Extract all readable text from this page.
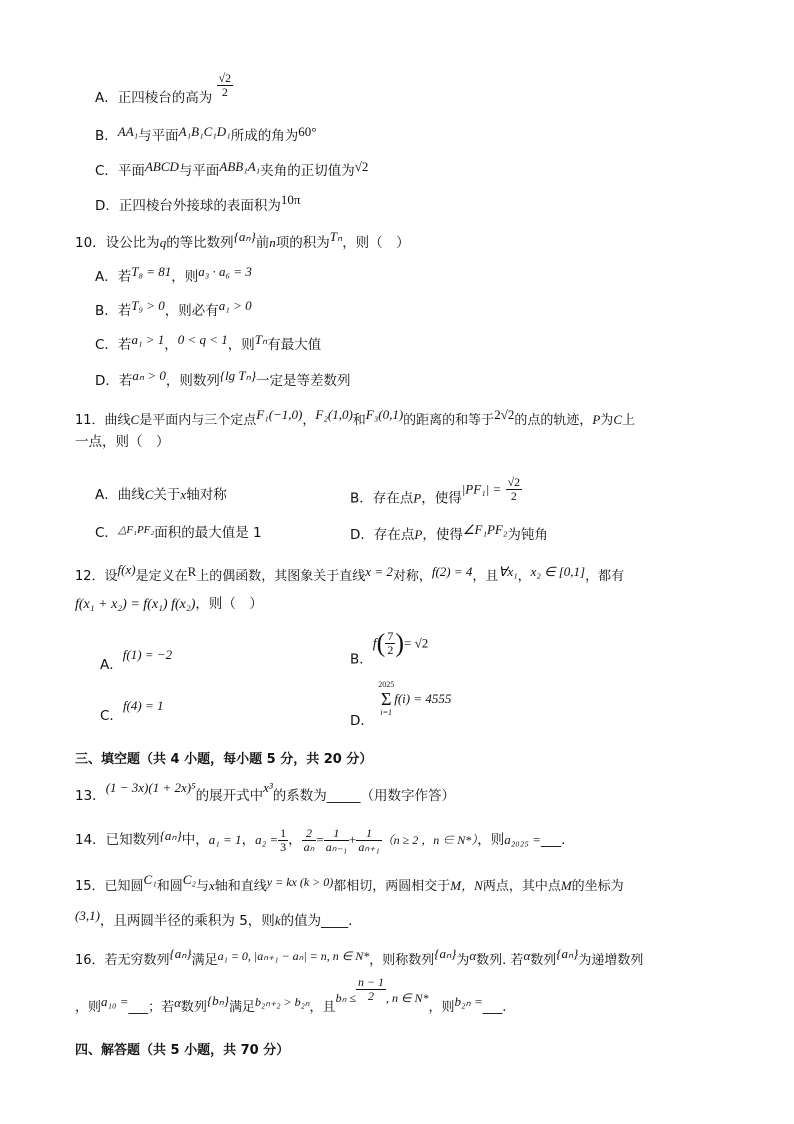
A．正四棱台的高为 $\frac{√2}{2}$
B．AA₁与平面A₁B₁C₁D₁所成的角为60°
C．平面ABCD与平面ABB₁A₁夹角的正切值为√2
D．正四棱台外接球的表面积为10π
10．设公比为q的等比数列{aₙ}前n项的积为Tₙ，则（　）
A．若T₈ = 81，则a₃ · a₆ = 3
B．若T₉ > 0，则必有a₁ > 0
C．若a₁ > 1，0 < q < 1，则Tₙ有最大值
D．若aₙ > 0，则数列{lg Tₙ}一定是等差数列
11．曲线C是平面内与三个定点F₁(−1,0)，F₂(1,0)和F₃(0,1)的距离的和等于2√2的点的轨迹，P为C上
一点，则（　）
A．曲线C关于x轴对称	B．存在点P，使得$|PF_1| = \frac{√2}{2}$
C．$^{\triangle F_1PF_2}$面积的最大值是 1	D．存在点P，使得∠F₁PF₂为钝角
12．设f(x)是定义在R上的偶函数，其图象关于直线x = 2对称，f(2) = 4，且∀x₁，x₂ ∈ [0,1]，都有
f(x₁ + x₂) = f(x₁) f(x₂)，则（　）
A．f(1) = −2	B．$f( \frac{7}{2}$ )= √2
C．f(4) = 1
D．
2025
Σ
i=1
f(i) = 4555
三、填空题（共 4 小题，每小题 5 分，共 20 分）
13．(1 − 3x)(1 + 2x)⁵的展开式中x³的系数为_____（用数字作答）
14．已知数列{aₙ}中，a₁ = 1，$a_2 = \frac{1}{3}$ ， $\frac{2}{\text{aₙ}} = \frac{1}{\text{aₙ₋₁}} + \frac{1}{\text{aₙ₊₁}} (n \ge 2$ ，n ∈ N*），则a₂₀₂₅ =___.
15．已知圆C₁和圆C₂与x轴和直线y = kx (k > 0)都相切，两圆相交于M，N两点，其中点M的坐标为
(3,1)，且两圆半径的乘积为 5，则k的值为____.
16．若无穷数列{aₙ}满足a₁ = 0, |aₙ₊₁ − aₙ| = n, n ∈ N*，则称数列{aₙ}为α数列. 若α数列{aₙ}为递增数列
，则a₁₀ =___；若α数列{bₙ}满足b₂ₙ₊₂ > b₂ₙ，且$b_n \le \frac{n - 1}{2}$ , n ∈ N*，则b₂ₙ =___.
四、解答题（共 5 小题，共 70 分）
